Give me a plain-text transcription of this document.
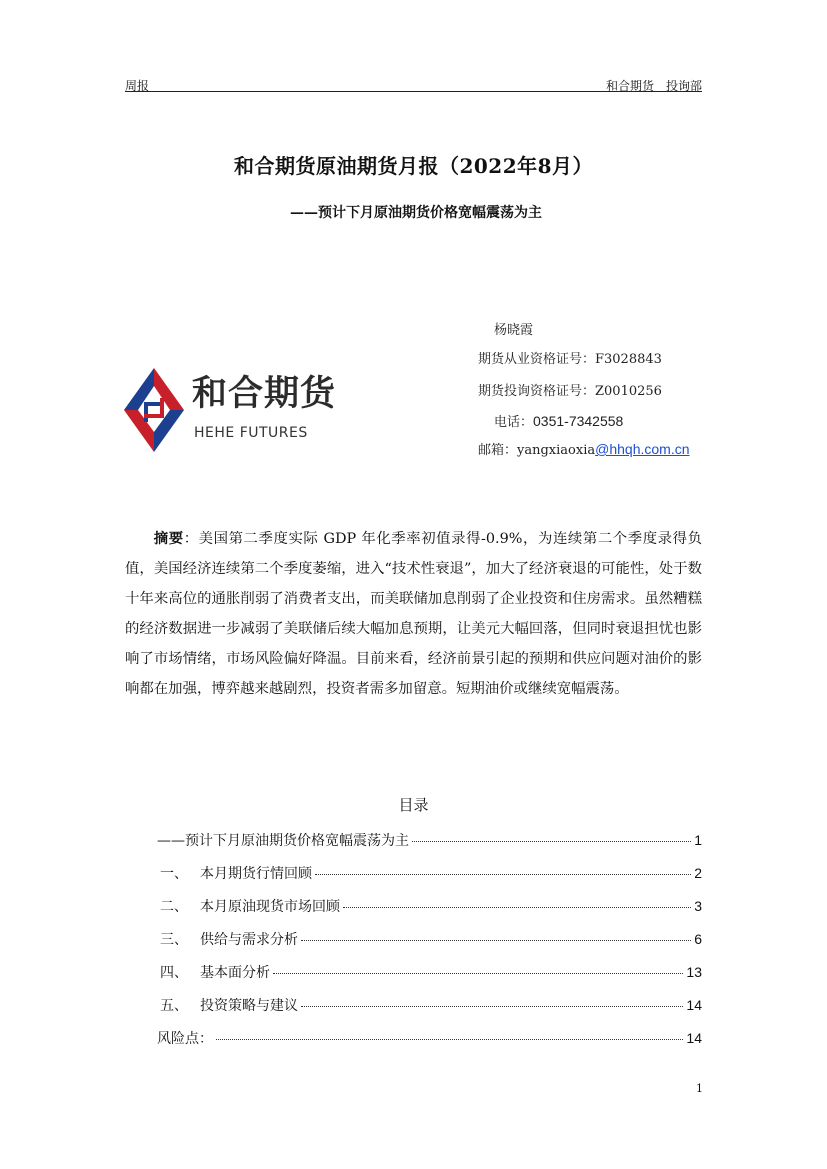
周报	和合期货　投询部
和合期货原油期货月报（2022年8月）
——预计下月原油期货价格宽幅震荡为主
和合期货
HEHE FUTURES
杨晓霞
期货从业资格证号：F3028843
期货投询资格证号：Z0010256
电话：0351-7342558
邮箱：yangxiaoxia@hhqh.com.cn
摘要：美国第二季度实际 GDP 年化季率初值录得-0.9%，为连续第二个季度录得负值，美国经济连续第二个季度萎缩，进入“技术性衰退”，加大了经济衰退的可能性，处于数十年来高位的通胀削弱了消费者支出，而美联储加息削弱了企业投资和住房需求。虽然糟糕的经济数据进一步减弱了美联储后续大幅加息预期，让美元大幅回落，但同时衰退担忧也影响了市场情绪，市场风险偏好降温。目前来看，经济前景引起的预期和供应问题对油价的影响都在加强，博弈越来越剧烈，投资者需多加留意。短期油价或继续宽幅震荡。
目录
——预计下月原油期货价格宽幅震荡为主	1
一、 本月期货行情回顾	2
二、 本月原油现货市场回顾	3
三、 供给与需求分析	6
四、 基本面分析	13
五、 投资策略与建议	14
风险点：	14
1
